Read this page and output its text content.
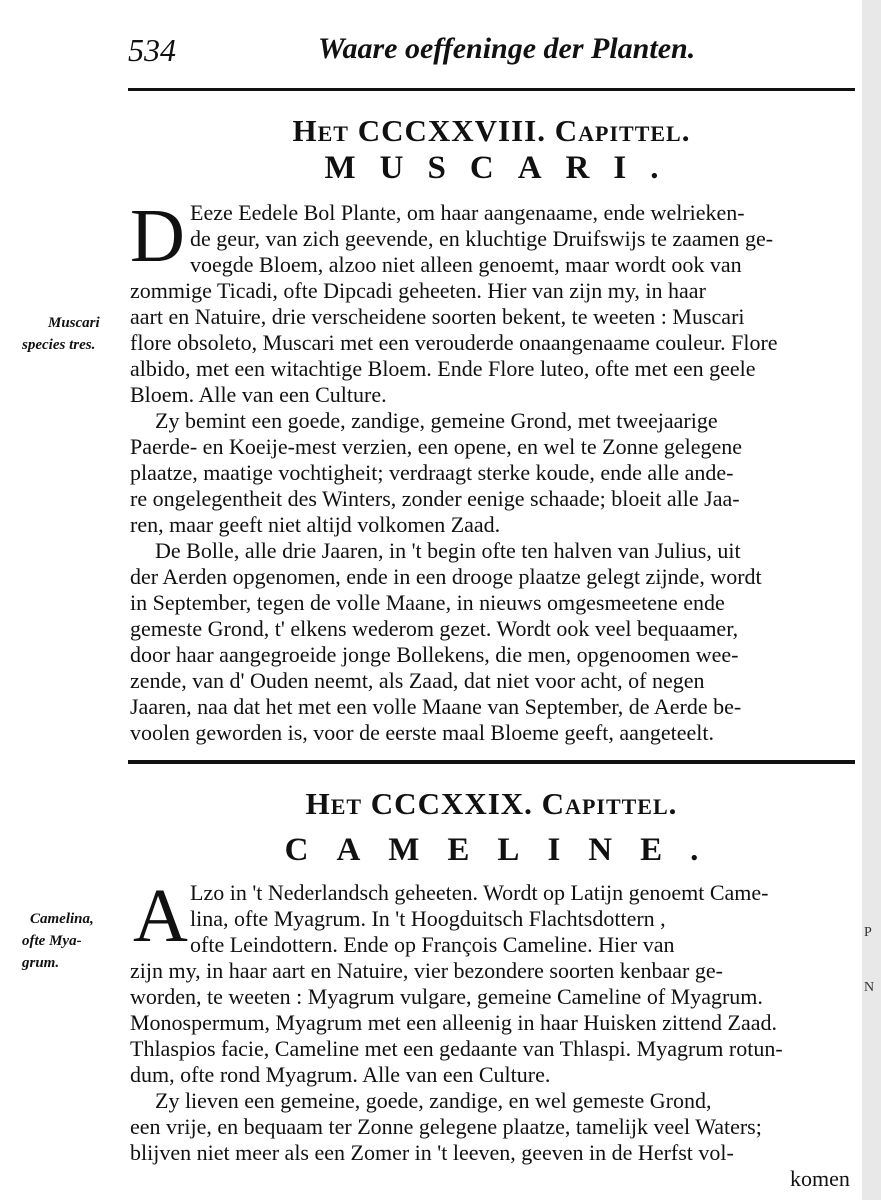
P
N
534	Waare oeffeninge der Planten.
Het CCCXXVIII. Capittel.
MUSCARI.
D Eeze Eedele Bol Plante, om haar aangenaame, ende welrieken-
de geur, van zich geevende, en kluchtige Druifswijs te zaamen ge-
voegde Bloem, alzoo niet alleen genoemt, maar wordt ook van
zommige Ticadi, ofte Dipcadi geheeten. Hier van zijn my, in haar
aart en Natuire, drie verscheidene soorten bekent, te weeten : Muscari
flore obsoleto, Muscari met een verouderde onaangenaame couleur. Flore
albido, met een witachtige Bloem. Ende Flore luteo, ofte met een geele
Bloem. Alle van een Culture.
Zy bemint een goede, zandige, gemeine Grond, met tweejaarige
Paerde- en Koeije-mest verzien, een opene, en wel te Zonne gelegene
plaatze, maatige vochtigheit; verdraagt sterke koude, ende alle ande-
re ongelegentheit des Winters, zonder eenige schaade; bloeit alle Jaa-
ren, maar geeft niet altijd volkomen Zaad.
De Bolle, alle drie Jaaren, in 't begin ofte ten halven van Julius, uit
der Aerden opgenomen, ende in een drooge plaatze gelegt zijnde, wordt
in September, tegen de volle Maane, in nieuws omgesmeetene ende
gemeste Grond, t' elkens wederom gezet. Wordt ook veel bequaamer,
door haar aangegroeide jonge Bollekens, die men, opgenoomen wee-
zende, van d' Ouden neemt, als Zaad, dat niet voor acht, of negen
Jaaren, naa dat het met een volle Maane van September, de Aerde be-
voolen geworden is, voor de eerste maal Bloeme geeft, aangeteelt.
Muscari
species tres.
Het CCCXXIX. Capittel.
CAMELINE.
A Lzo in 't Nederlandsch geheeten. Wordt op Latijn genoemt Came-
lina, ofte Myagrum. In 't Hoogduitsch Flachtsdottern ,
ofte Leindottern. Ende op François Cameline. Hier van
zijn my, in haar aart en Natuire, vier bezondere soorten kenbaar ge-
worden, te weeten : Myagrum vulgare, gemeine Cameline of Myagrum.
Monospermum, Myagrum met een alleenig in haar Huisken zittend Zaad.
Thlaspios facie, Cameline met een gedaante van Thlaspi. Myagrum rotun-
dum, ofte rond Myagrum. Alle van een Culture.
Zy lieven een gemeine, goede, zandige, en wel gemeste Grond,
een vrije, en bequaam ter Zonne gelegene plaatze, tamelijk veel Waters;
blijven niet meer als een Zomer in 't leeven, geeven in de Herfst vol-
komen
Camelina,
ofte Mya-
grum.
